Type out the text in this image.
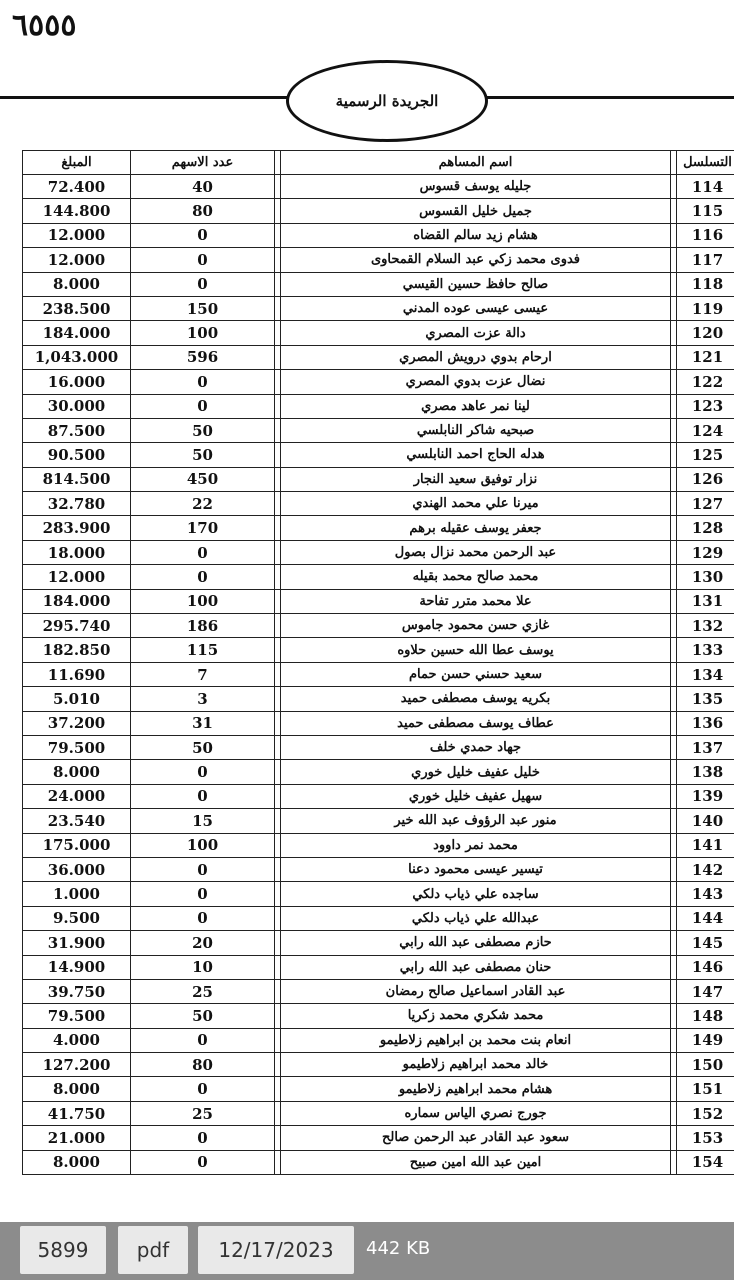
٦٥٥٥
الجريدة الرسمية
المبلغ	عدد الاسهم		اسم المساهم		التسلسل
72.400	40		جليله يوسف قسوس		114
144.800	80		جميل خليل القسوس		115
12.000	0		هشام زيد سالم القضاه		116
12.000	0		فدوى محمد زكي عبد السلام القمحاوى		117
8.000	0		صالح حافظ حسين القيسي		118
238.500	150		عيسى عيسى عوده المدني		119
184.000	100		دالة عزت المصري		120
1,043.000	596		ارحام بدوي درويش المصري		121
16.000	0		نضال عزت بدوي المصري		122
30.000	0		لينا نمر عاهد مصري		123
87.500	50		صبحيه شاكر النابلسي		124
90.500	50		هدله الحاج احمد النابلسي		125
814.500	450		نزار توفيق سعيد النجار		126
32.780	22		ميرنا علي محمد الهندي		127
283.900	170		جعفر يوسف عقيله برهم		128
18.000	0		عبد الرحمن محمد نزال بصول		129
12.000	0		محمد صالح محمد بقيله		130
184.000	100		علا محمد مترر تفاحة		131
295.740	186		غازي حسن محمود جاموس		132
182.850	115		يوسف عطا الله حسين حلاوه		133
11.690	7		سعيد حسني حسن حمام		134
5.010	3		بكريه يوسف مصطفى حميد		135
37.200	31		عطاف يوسف مصطفى حميد		136
79.500	50		جهاد حمدي خلف		137
8.000	0		خليل عفيف خليل خوري		138
24.000	0		سهيل عفيف خليل خوري		139
23.540	15		منور عبد الرؤوف عبد الله خير		140
175.000	100		محمد نمر داوود		141
36.000	0		تيسير عيسى محمود دعنا		142
1.000	0		ساجده علي ذياب دلكي		143
9.500	0		عبدالله علي ذياب دلكي		144
31.900	20		حازم مصطفى عبد الله رابي		145
14.900	10		حنان مصطفى عبد الله رابي		146
39.750	25		عبد القادر اسماعيل صالح رمضان		147
79.500	50		محمد شكري محمد زكريا		148
4.000	0		انعام بنت محمد بن ابراهيم زلاطيمو		149
127.200	80		خالد محمد ابراهيم زلاطيمو		150
8.000	0		هشام محمد ابراهيم زلاطيمو		151
41.750	25		جورج نصري الياس سماره		152
21.000	0		سعود عبد القادر عبد الرحمن صالح		153
8.000	0		امين عبد الله امين صبيح		154
5899 pdf 12/17/2023 442 KB
